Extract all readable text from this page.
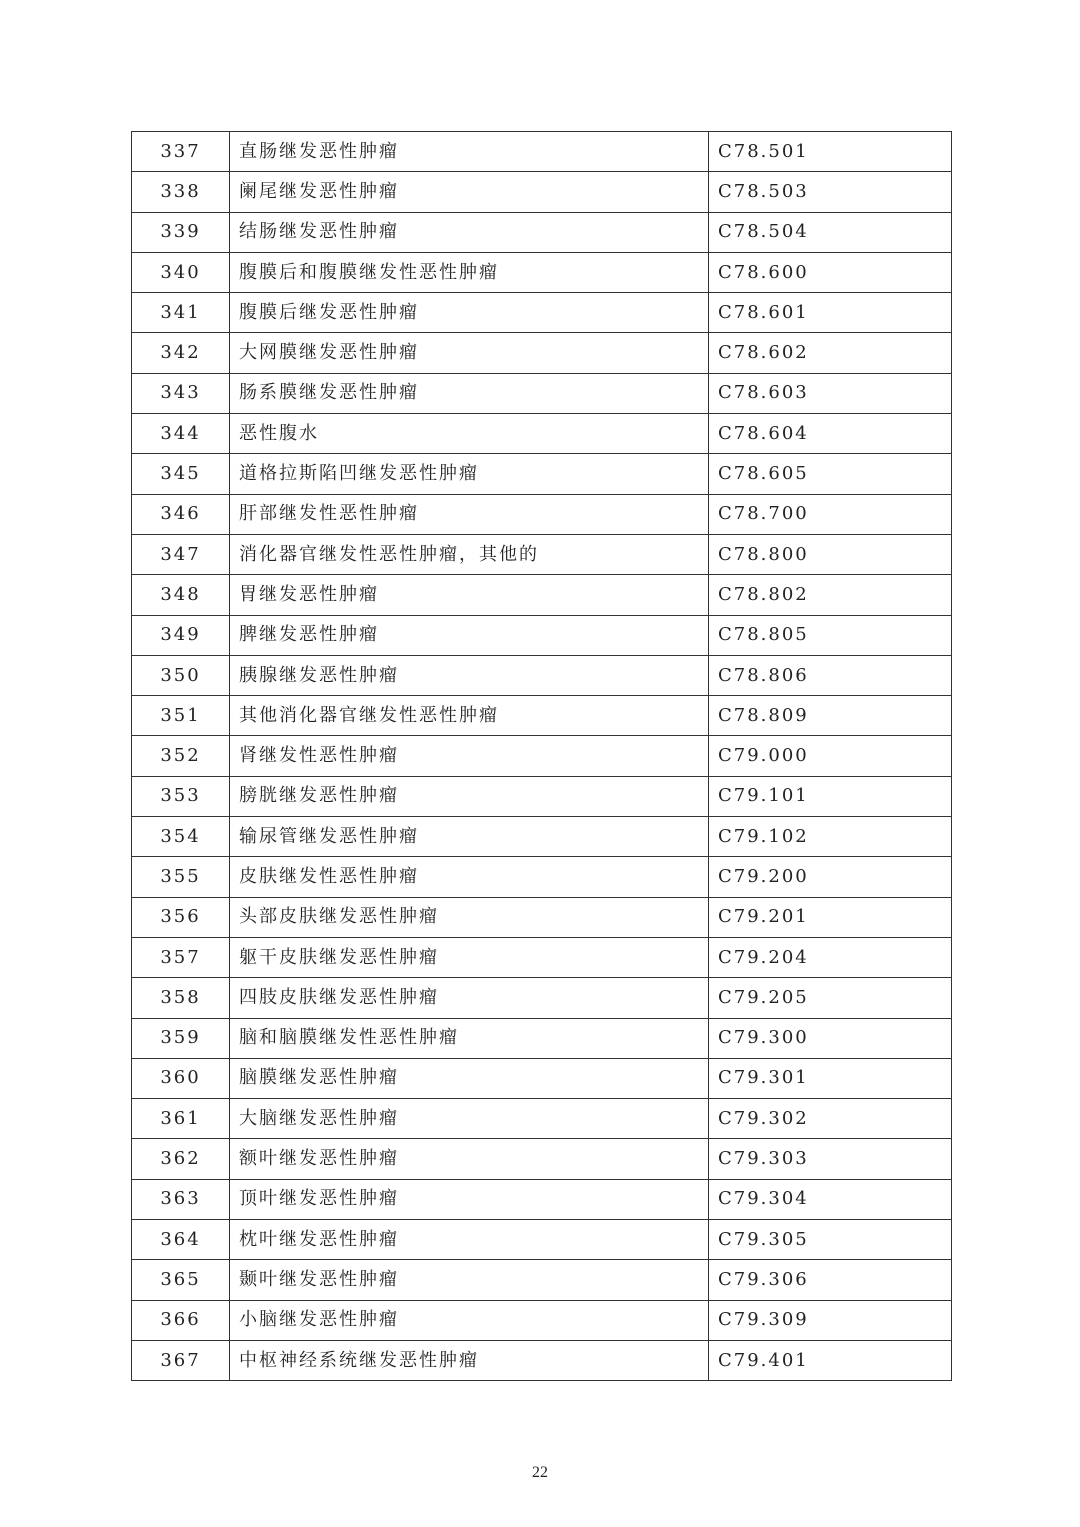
337	直肠继发恶性肿瘤	C78.501
338	阑尾继发恶性肿瘤	C78.503
339	结肠继发恶性肿瘤	C78.504
340	腹膜后和腹膜继发性恶性肿瘤	C78.600
341	腹膜后继发恶性肿瘤	C78.601
342	大网膜继发恶性肿瘤	C78.602
343	肠系膜继发恶性肿瘤	C78.603
344	恶性腹水	C78.604
345	道格拉斯陷凹继发恶性肿瘤	C78.605
346	肝部继发性恶性肿瘤	C78.700
347	消化器官继发性恶性肿瘤，其他的	C78.800
348	胃继发恶性肿瘤	C78.802
349	脾继发恶性肿瘤	C78.805
350	胰腺继发恶性肿瘤	C78.806
351	其他消化器官继发性恶性肿瘤	C78.809
352	肾继发性恶性肿瘤	C79.000
353	膀胱继发恶性肿瘤	C79.101
354	输尿管继发恶性肿瘤	C79.102
355	皮肤继发性恶性肿瘤	C79.200
356	头部皮肤继发恶性肿瘤	C79.201
357	躯干皮肤继发恶性肿瘤	C79.204
358	四肢皮肤继发恶性肿瘤	C79.205
359	脑和脑膜继发性恶性肿瘤	C79.300
360	脑膜继发恶性肿瘤	C79.301
361	大脑继发恶性肿瘤	C79.302
362	额叶继发恶性肿瘤	C79.303
363	顶叶继发恶性肿瘤	C79.304
364	枕叶继发恶性肿瘤	C79.305
365	颞叶继发恶性肿瘤	C79.306
366	小脑继发恶性肿瘤	C79.309
367	中枢神经系统继发恶性肿瘤	C79.401
22
